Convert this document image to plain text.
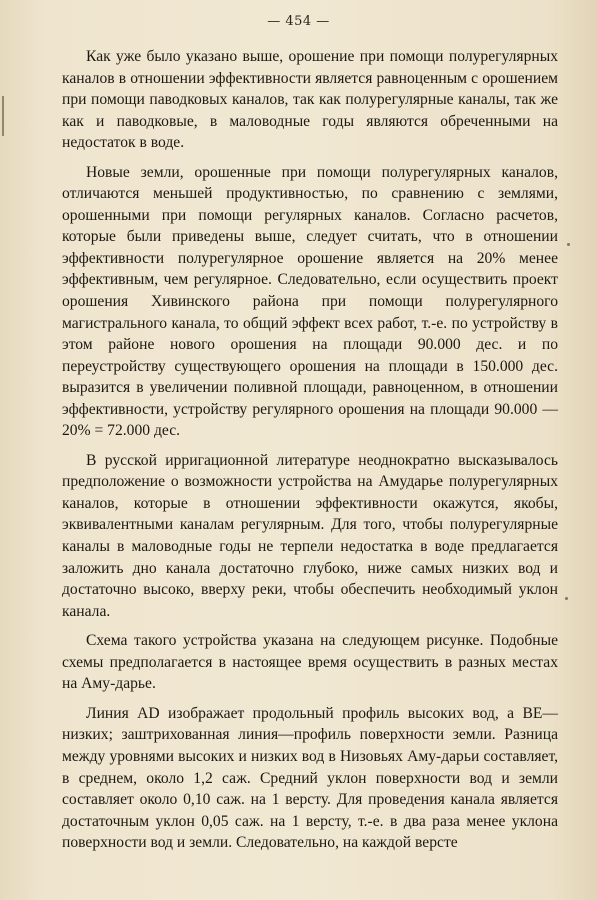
— 454 —

Как уже было указано выше, орошение при помощи полурегулярных каналов в отношении эффективности является равноценным с орошением при помощи паводковых каналов, так как полурегулярные каналы, так же как и паводковые, в маловодные годы являются обреченными на недостаток в воде.

Новые земли, орошенные при помощи полурегулярных каналов, отличаются меньшей продуктивностью, по сравнению с землями, орошенными при помощи регулярных каналов. Согласно расчетов, которые были приведены выше, следует считать, что в отношении эффективности полурегулярное орошение является на 20% менее эффективным, чем регулярное. Следовательно, если осуществить проект орошения Хивинского района при помощи полурегулярного магистрального канала, то общий эффект всех работ, т.-е. по устройству в этом районе нового орошения на площади 90.000 дес. и по переустройству существующего орошения на площади в 150.000 дес. выразится в увеличении поливной площади, равноценном, в отношении эффективности, устройству регулярного орошения на площади 90.000 — 20% = 72.000 дес.

В русской ирригационной литературе неоднократно высказывалось предположение о возможности устройства на Амударье полурегулярных каналов, которые в отношении эффективности окажутся, якобы, эквивалентными каналам регулярным. Для того, чтобы полурегулярные каналы в маловодные годы не терпели недостатка в воде предлагается заложить дно канала достаточно глубоко, ниже самых низких вод и достаточно высоко, вверху реки, чтобы обеспечить необходимый уклон канала.

Схема такого устройства указана на следующем рисунке. Подобные схемы предполагается в настоящее время осуществить в разных местах на Аму-дарье.

Линия AD изображает продольный профиль высоких вод, а BE—низких; заштрихованная линия—профиль поверхности земли. Разница между уровнями высоких и низких вод в Низовьях Аму-дарьи составляет, в среднем, около 1,2 саж. Средний уклон поверхности вод и земли составляет около 0,10 саж. на 1 версту. Для проведения канала является достаточным уклон 0,05 саж. на 1 версту, т.-е. в два раза менее уклона поверхности вод и земли. Следовательно, на каждой версте
